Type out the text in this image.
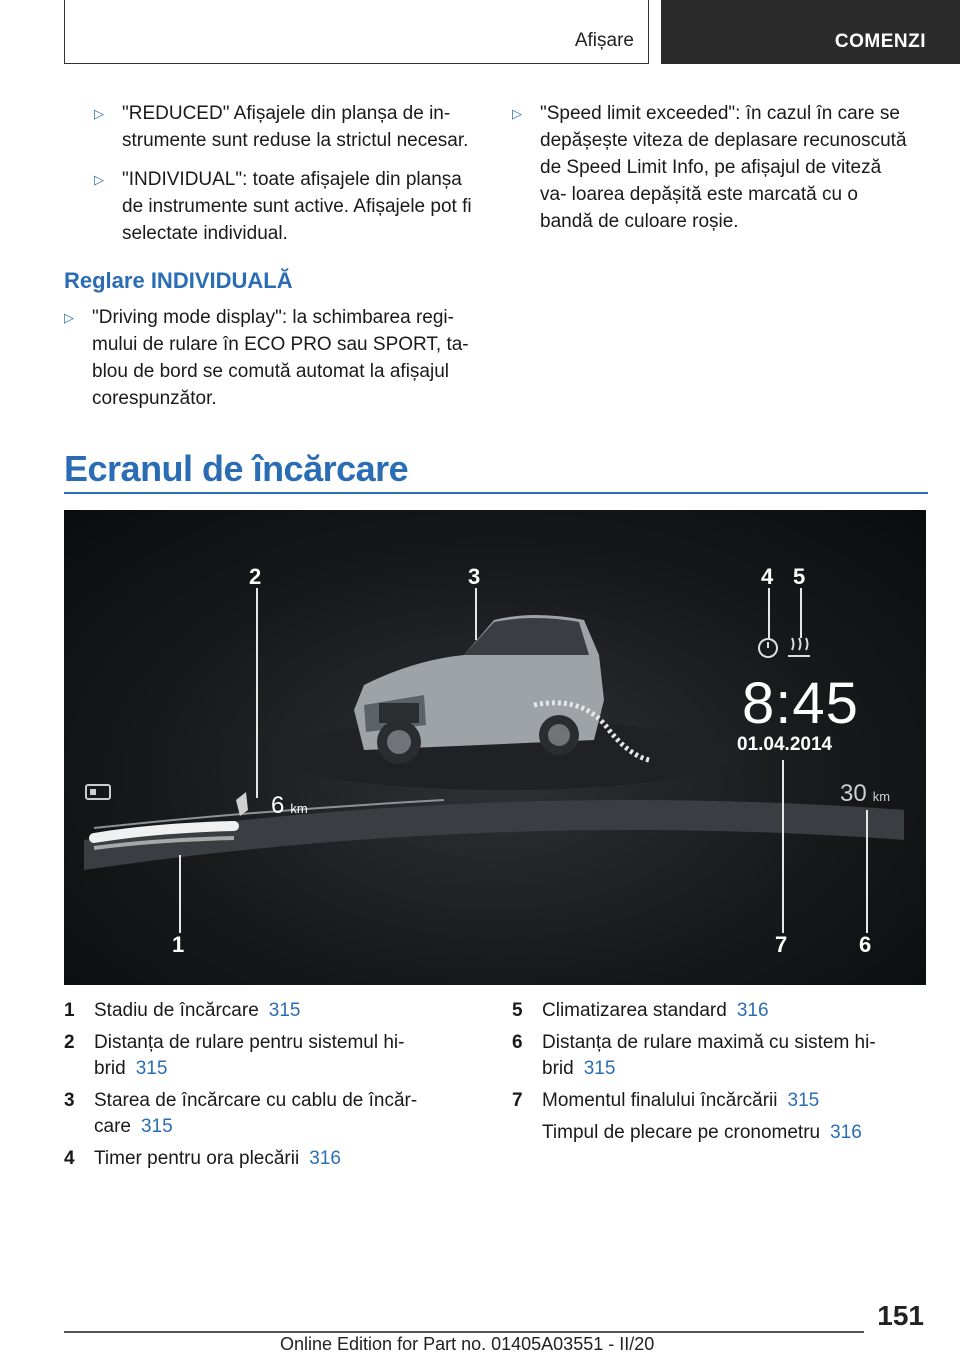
Afișare	COMENZI
▷ "REDUCED" Afișajele din planșa de in- strumente sunt reduse la strictul necesar.
▷ "INDIVIDUAL": toate afișajele din planșa de instrumente sunt active. Afișajele pot fi selectate individual.
Reglare INDIVIDUALĂ
▷ "Driving mode display": la schimbarea regi- mului de rulare în ECO PRO sau SPORT, ta- blou de bord se comută automat la afișajul corespunzător.
▷ "Speed limit exceeded": în cazul în care se depășește viteza de deplasare recunoscută de Speed Limit Info, pe afișajul de viteză va- loarea depășită este marcată cu o bandă de culoare roșie.
Ecranul de încărcare
1
2	3	4 5
6
7
8:45
01.04.2014
6 km
30 km
1 Stadiu de încărcare 315
2 Distanța de rulare pentru sistemul hi- brid 315
3 Starea de încărcare cu cablu de încăr- care 315
4 Timer pentru ora plecării 316
5 Climatizarea standard 316
6 Distanța de rulare maximă cu sistem hi- brid 315
7 Momentul finalului încărcării 315
Timpul de plecare pe cronometru 316
151
Online Edition for Part no. 01405A03551 - II/20
